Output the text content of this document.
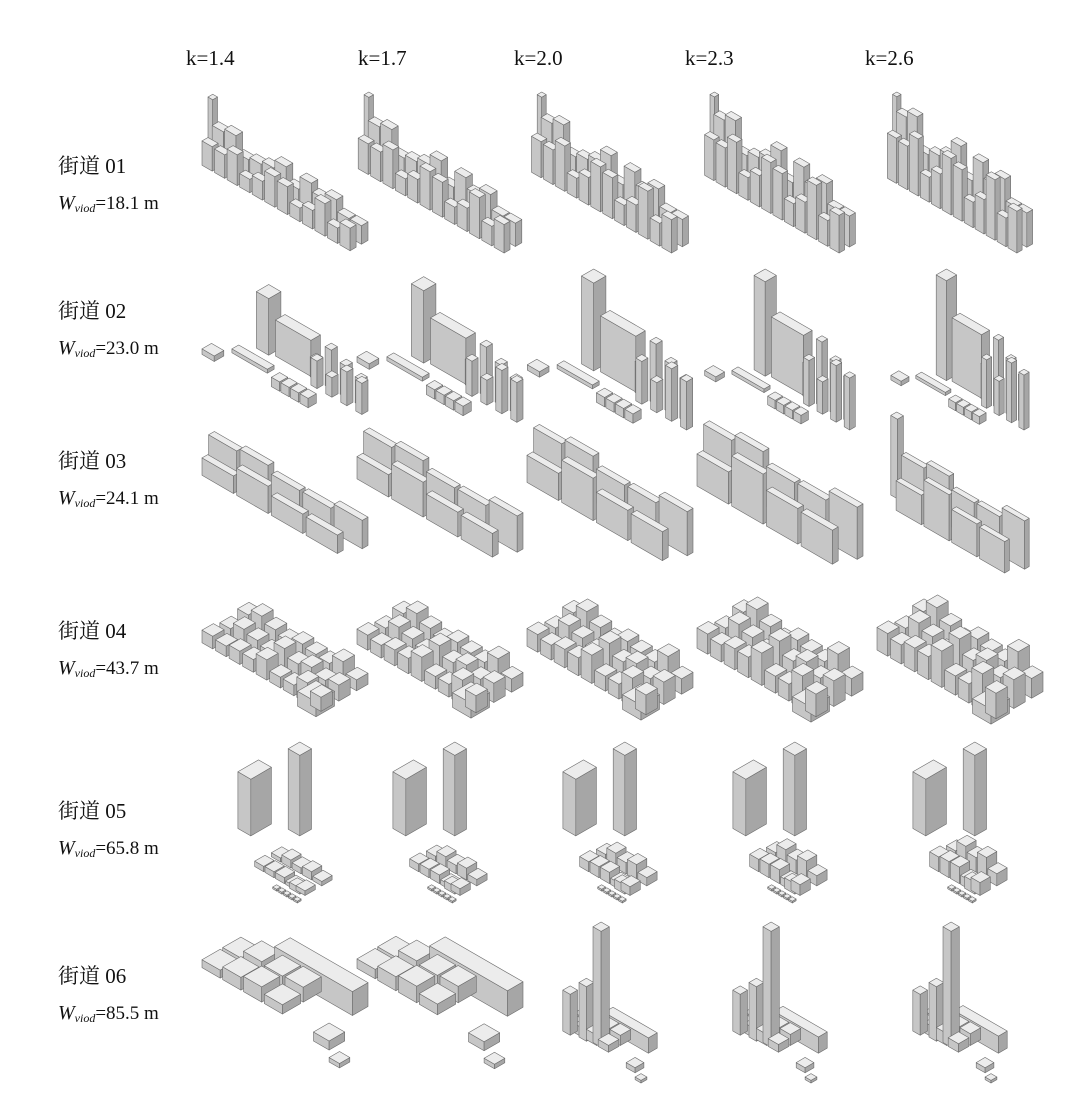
k=1.4	k=1.7	k=2.0	k=2.3	k=2.6
街道 01
$W_{viod}=18.1$ m
街道 02
$W_{viod}=23.0$ m
街道 03
$W_{viod}=24.1$ m
街道 04
$W_{viod}=43.7$ m
街道 05
$W_{viod}=65.8$ m
街道 06
$W_{viod}=85.5$ m
